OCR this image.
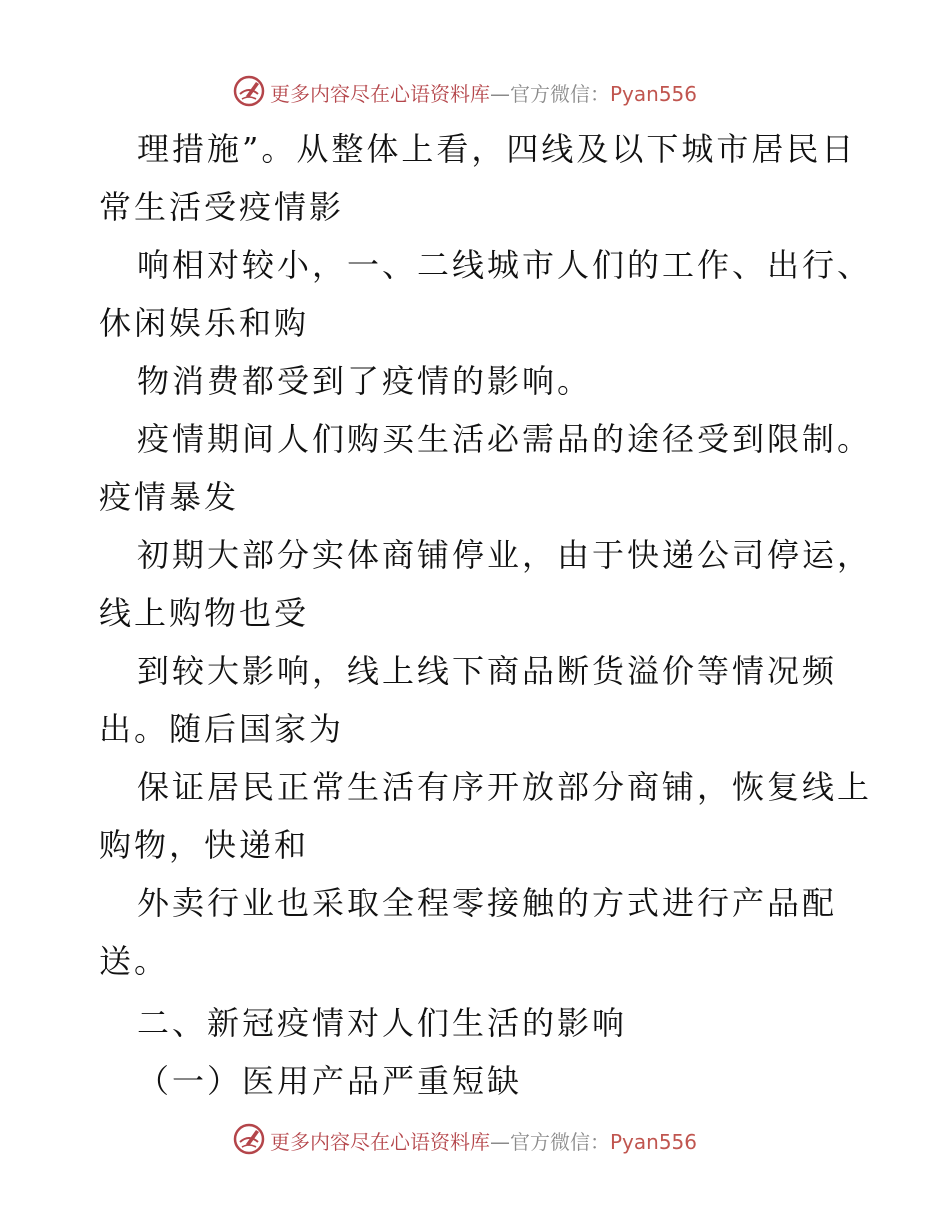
更多内容尽在心语资料库—官方微信：Pyan556
理措施”。从整体上看，四线及以下城市居民日
常生活受疫情影
响相对较小，一、二线城市人们的工作、出行、
休闲娱乐和购
物消费都受到了疫情的影响。
疫情期间人们购买生活必需品的途径受到限制。
疫情暴发
初期大部分实体商铺停业，由于快递公司停运，
线上购物也受
到较大影响，线上线下商品断货溢价等情况频
出。随后国家为
保证居民正常生活有序开放部分商铺，恢复线上
购物，快递和
外卖行业也采取全程零接触的方式进行产品配
送。
二、新冠疫情对人们生活的影响
（一）医用产品严重短缺
更多内容尽在心语资料库—官方微信：Pyan556
